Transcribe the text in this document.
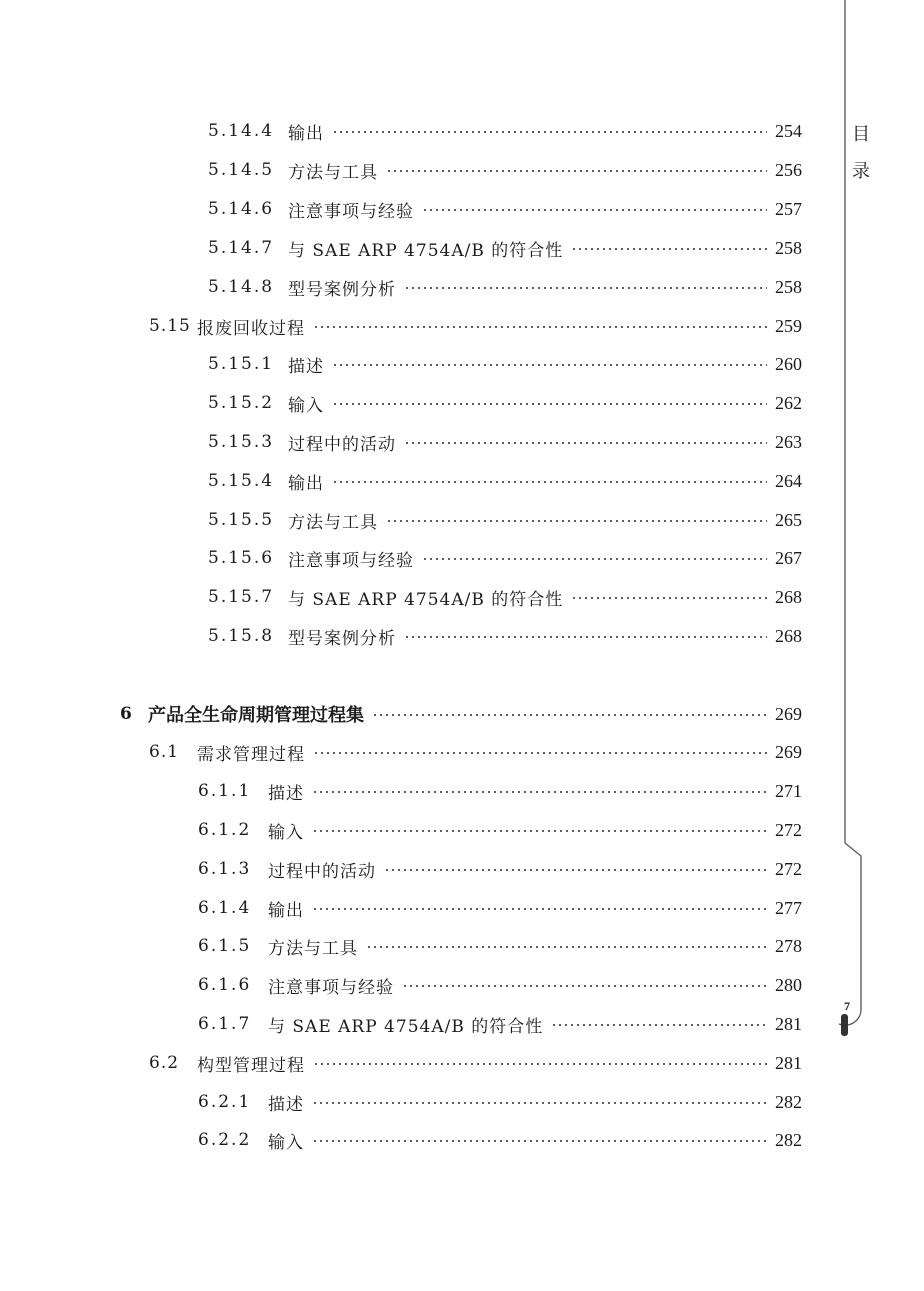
5.14.4 输出	254
5.14.5 方法与工具	256
5.14.6 注意事项与经验	257
5.14.7 与 SAE ARP 4754A/B 的符合性	258
5.14.8 型号案例分析	258
5.15 报废回收过程	259
5.15.1 描述	260
5.15.2 输入	262
5.15.3 过程中的活动	263
5.15.4 输出	264
5.15.5 方法与工具	265
5.15.6 注意事项与经验	267
5.15.7 与 SAE ARP 4754A/B 的符合性	268
5.15.8 型号案例分析	268
6 产品全生命周期管理过程集	269
6.1	需求管理过程	269
6.1.1 描述	271
6.1.2 输入	272
6.1.3 过程中的活动	272
6.1.4 输出	277
6.1.5 方法与工具	278
6.1.6 注意事项与经验	280
6.1.7 与 SAE ARP 4754A/B 的符合性	281
6.2	构型管理过程	281
6.2.1 描述	282
6.2.2 输入	282
目
录
7
